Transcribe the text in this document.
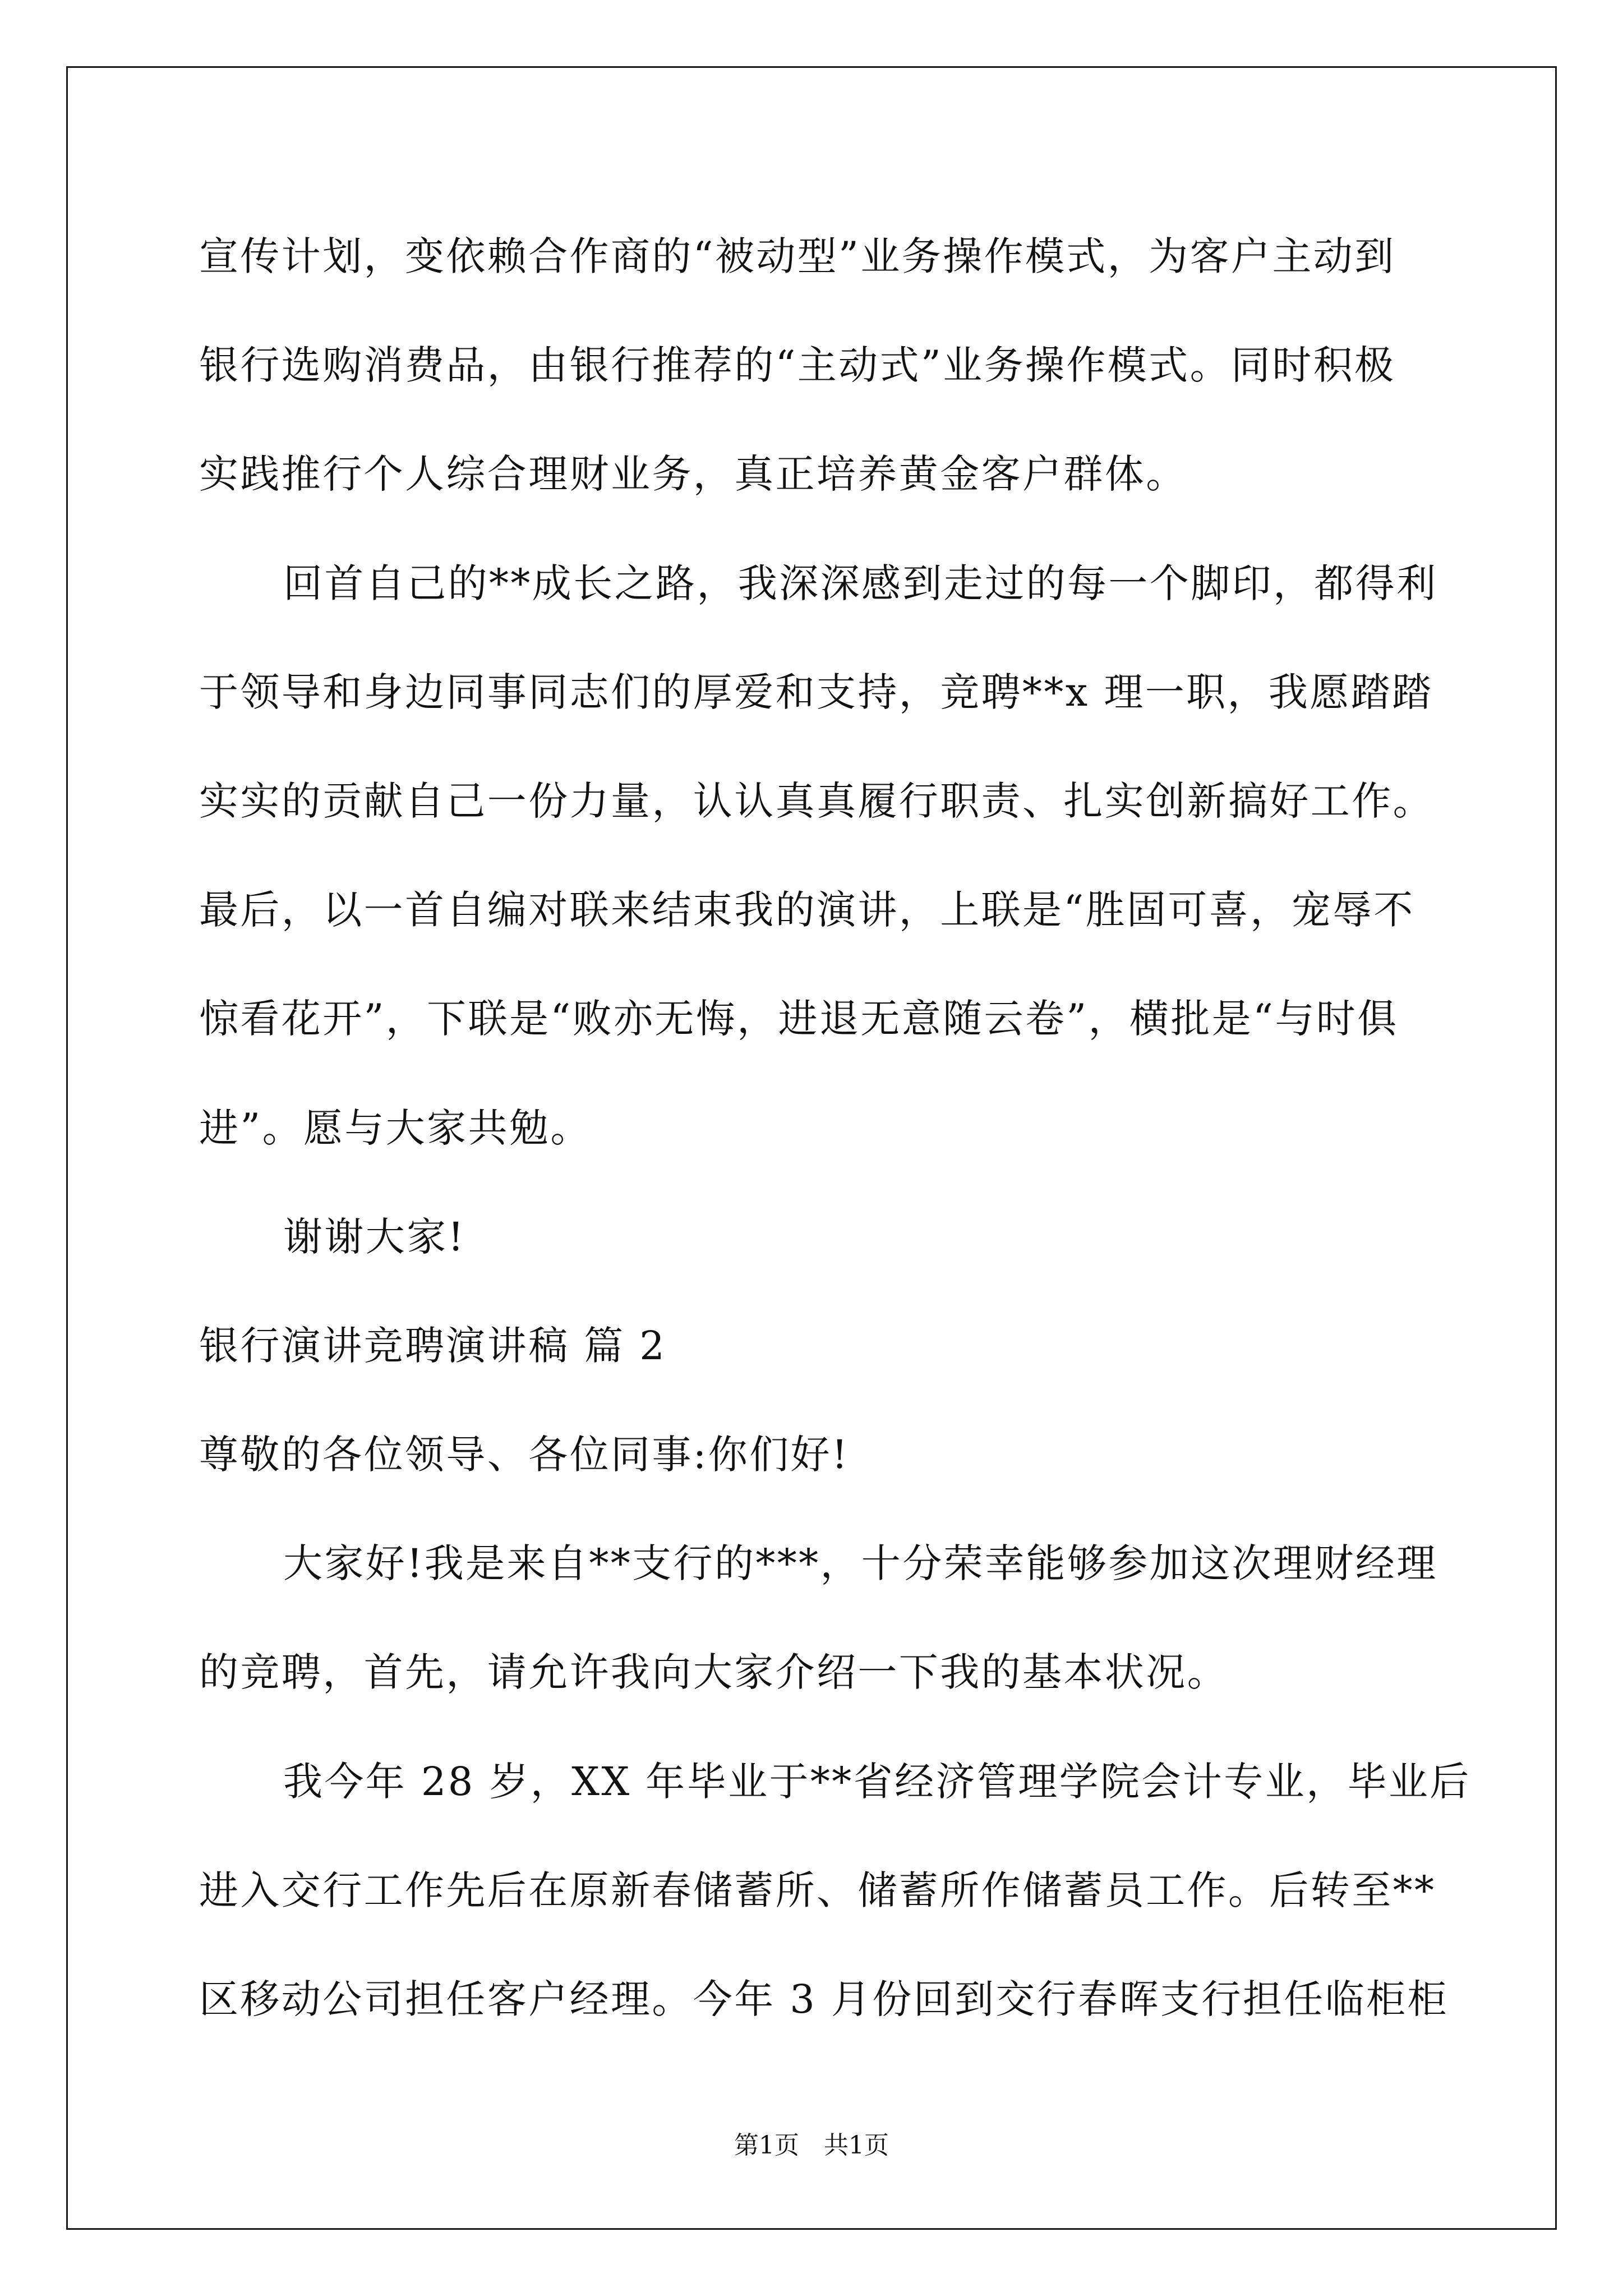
宣传计划，变依赖合作商的“被动型”业务操作模式，为客户主动到
银行选购消费品，由银行推荐的“主动式”业务操作模式。同时积极
实践推行个人综合理财业务，真正培养黄金客户群体。
回首自己的**成长之路，我深深感到走过的每一个脚印，都得利
于领导和身边同事同志们的厚爱和支持，竞聘**x 理一职，我愿踏踏
实实的贡献自己一份力量，认认真真履行职责、扎实创新搞好工作。
最后，以一首自编对联来结束我的演讲，上联是“胜固可喜，宠辱不
惊看花开”，下联是“败亦无悔，进退无意随云卷”，横批是“与时俱
进”。愿与大家共勉。
谢谢大家!
银行演讲竞聘演讲稿 篇 2
尊敬的各位领导、各位同事:你们好!
大家好!我是来自**支行的***，十分荣幸能够参加这次理财经理
的竞聘，首先，请允许我向大家介绍一下我的基本状况。
我今年 28 岁，XX 年毕业于**省经济管理学院会计专业，毕业后
进入交行工作先后在原新春储蓄所、储蓄所作储蓄员工作。后转至**
区移动公司担任客户经理。今年 3 月份回到交行春晖支行担任临柜柜
第1页　共1页
